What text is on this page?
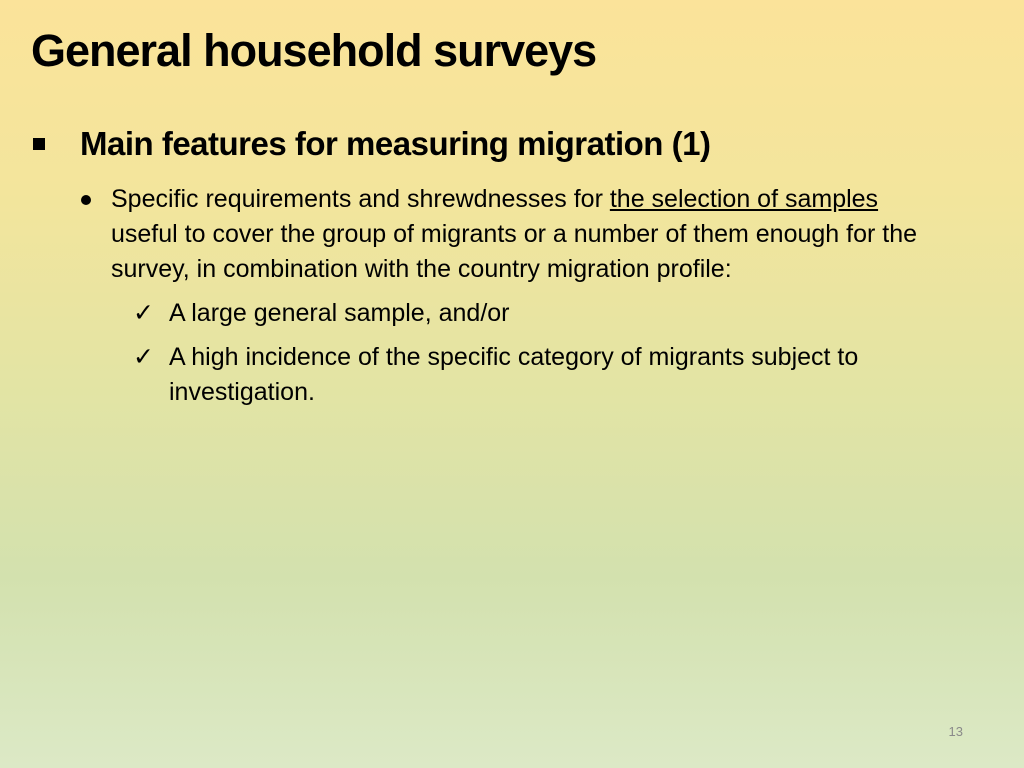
General household surveys
Main features for measuring migration (1)
Specific requirements and shrewdnesses for the selection of samples useful to cover the group of migrants or a number of them enough for the survey, in combination with the country migration profile:
✓ A large general sample, and/or
✓ A high incidence of the specific category of migrants subject to investigation.
13
